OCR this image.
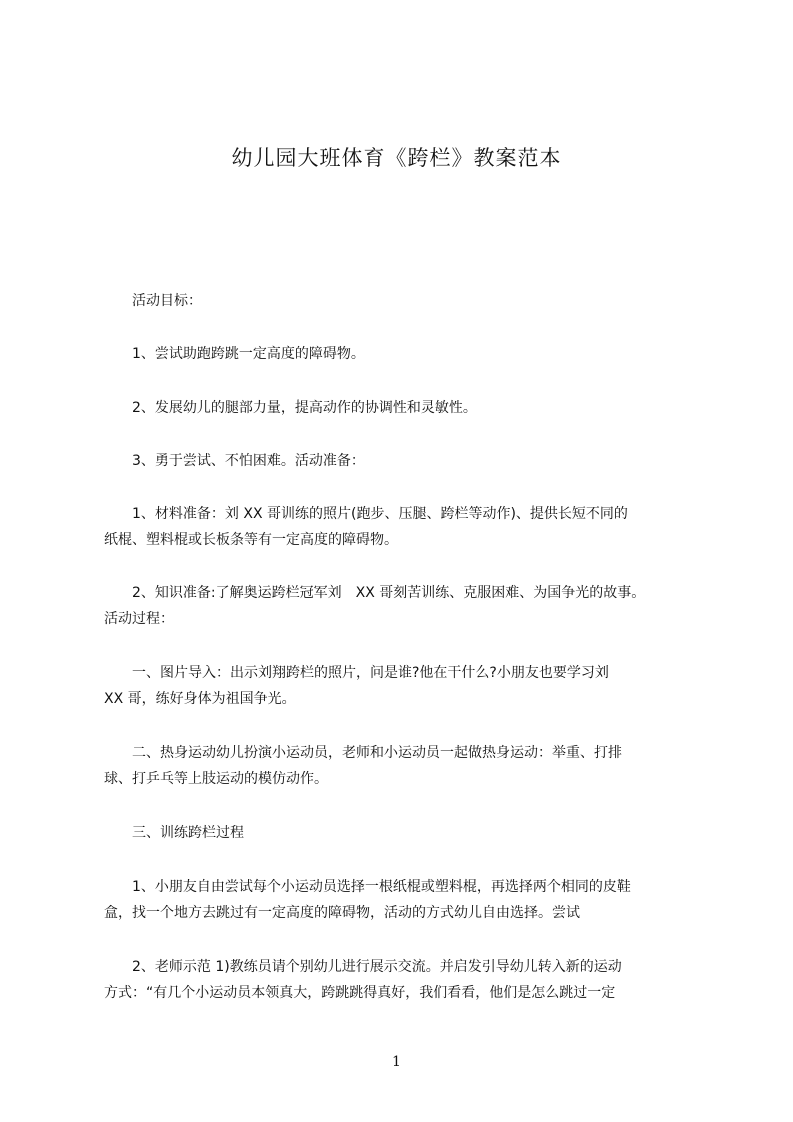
幼儿园大班体育《跨栏》教案范本
　　活动目标：
　　1、尝试助跑跨跳一定高度的障碍物。
　　2、发展幼儿的腿部力量，提高动作的协调性和灵敏性。
　　3、勇于尝试、不怕困难。活动准备：
　　1、材料准备：刘 XX 哥训练的照片(跑步、压腿、跨栏等动作)、提供长短不同的
纸棍、塑料棍或长板条等有一定高度的障碍物。
　　2、知识准备:了解奥运跨栏冠军刘　XX 哥刻苦训练、克服困难、为国争光的故事。
活动过程：
　　一、图片导入：出示刘翔跨栏的照片，问是谁?他在干什么?小朋友也要学习刘
XX 哥，练好身体为祖国争光。
　　二、热身运动幼儿扮演小运动员，老师和小运动员一起做热身运动：举重、打排
球、打乒乓等上肢运动的模仿动作。
　　三、训练跨栏过程
　　1、小朋友自由尝试每个小运动员选择一根纸棍或塑料棍，再选择两个相同的皮鞋
盒，找一个地方去跳过有一定高度的障碍物，活动的方式幼儿自由选择。尝试
　　2、老师示范 1)教练员请个别幼儿进行展示交流。并启发引导幼儿转入新的运动
方式：“有几个小运动员本领真大，跨跳跳得真好，我们看看，他们是怎么跳过一定
1
